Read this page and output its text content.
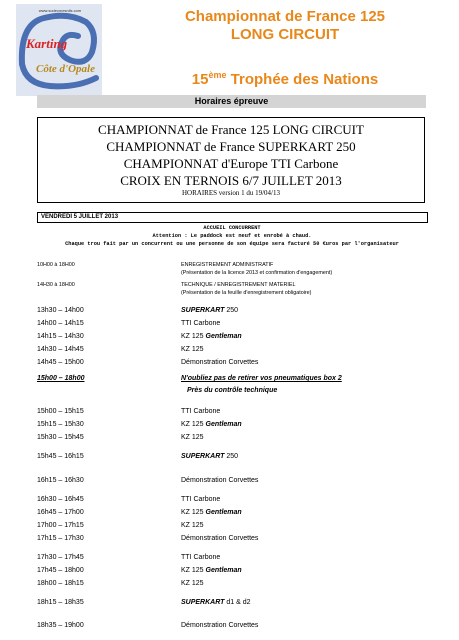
www.sodecmesnils.com
Karting
Côte d'Opale
Championnat de France 125
LONG CIRCUIT
15ème Trophée des Nations
Horaires épreuve
CHAMPIONNAT de France 125 LONG CIRCUIT
CHAMPIONNAT de France SUPERKART 250
CHAMPIONNAT d'Europe TTI Carbone
CROIX EN TERNOIS 6/7 JUILLET 2013
HORAIRES version 1 du 19/04/13
VENDREDI 5 JUILLET 2013
ACCUEIL CONCURRENT
Attention : Le paddock est neuf et enrobé à chaud.
Chaque trou fait par un concurrent ou une personne de son équipe sera facturé 50 €uros par l'organisateur
10H00 à 18H00	ENREGISTREMENT ADMINISTRATIF
(Présentation de la licence 2013 et confirmation d'engagement)
14H30 à 18H00	TECHNIQUE / ENREGISTREMENT MATERIEL
(Présentation de la feuille d'enregistrement obligatoire)
13h30 – 14h00	SUPERKART 250
14h00 – 14h15	TTI Carbone
14h15 – 14h30	KZ 125 Gentleman
14h30 – 14h45	KZ 125
14h45 – 15h00	Démonstration Corvettes
15h00 – 18h00	N'oubliez pas de retirer vos pneumatiques box 2
Près du contrôle technique
15h00 – 15h15	TTI Carbone
15h15 – 15h30	KZ 125 Gentleman
15h30 – 15h45	KZ 125
15h45 – 16h15	SUPERKART 250
16h15 – 16h30	Démonstration Corvettes
16h30 – 16h45	TTI Carbone
16h45 – 17h00	KZ 125 Gentleman
17h00 – 17h15	KZ 125
17h15 – 17h30	Démonstration Corvettes
17h30 – 17h45	TTI Carbone
17h45 – 18h00	KZ 125 Gentleman
18h00 – 18h15	KZ 125
18h15 – 18h35	SUPERKART d1 & d2
18h35 – 19h00	Démonstration Corvettes
